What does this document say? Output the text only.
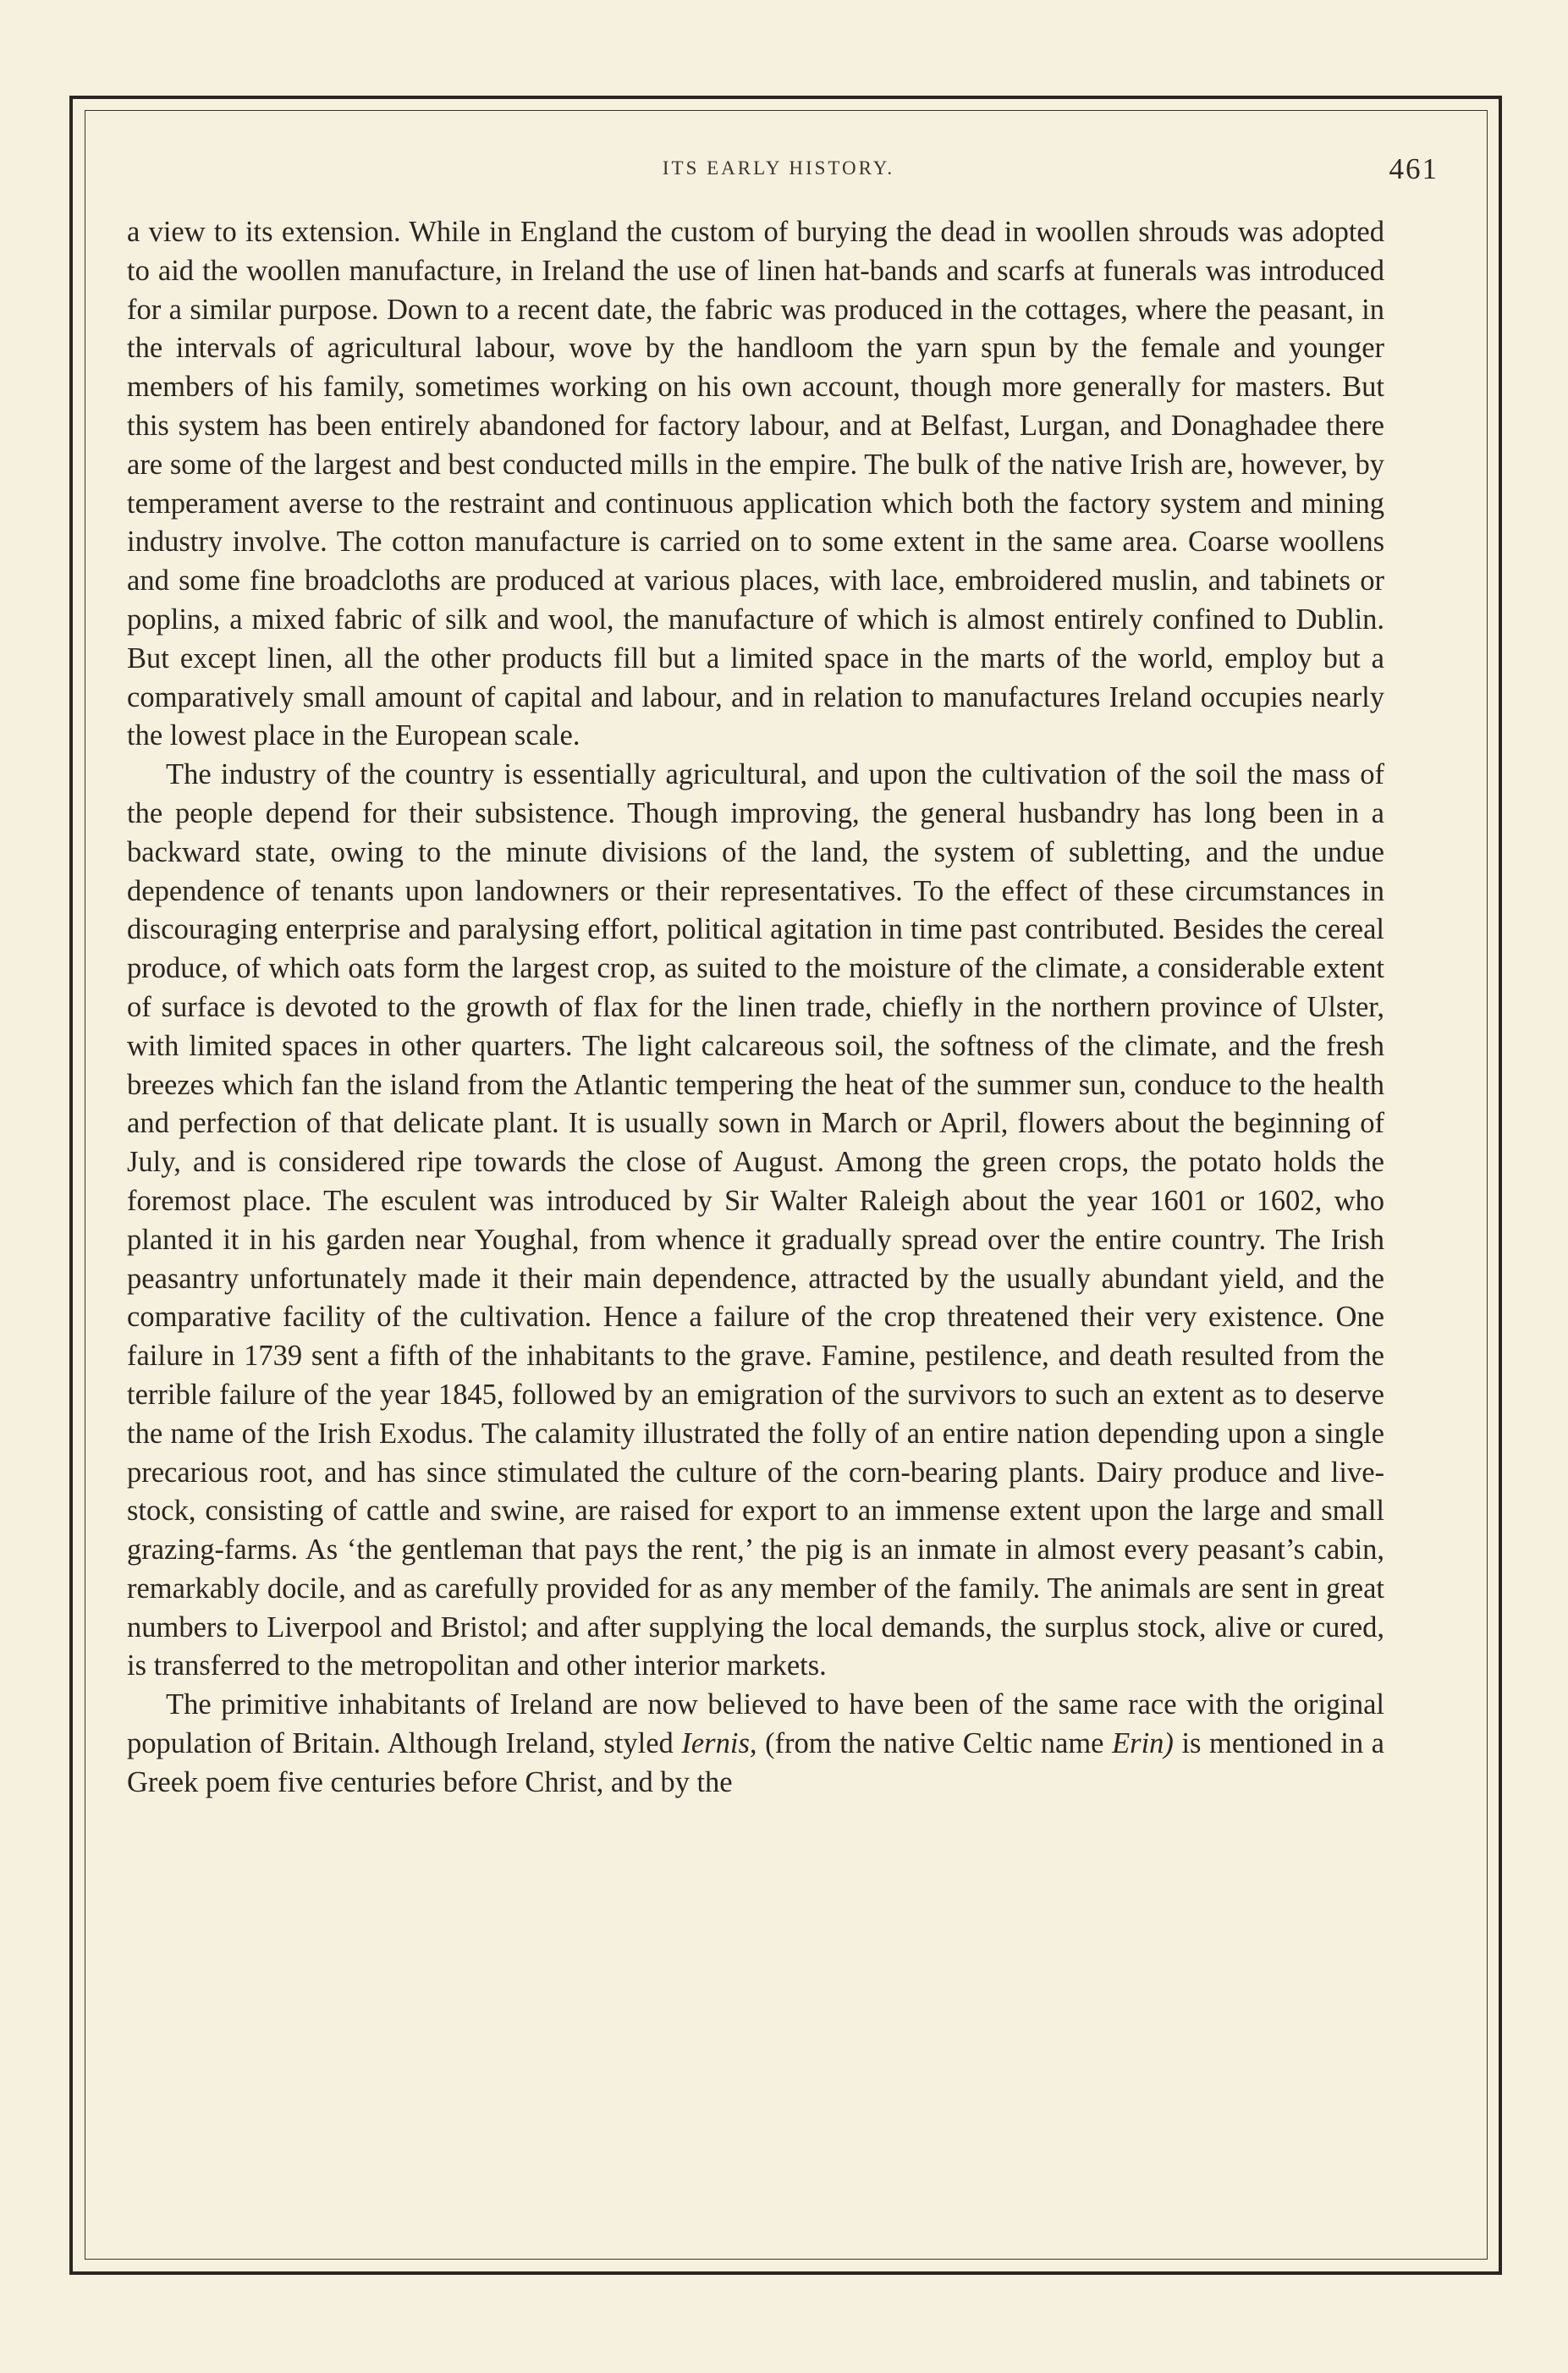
ITS EARLY HISTORY.	461

a view to its extension. While in England the custom of burying the dead in woollen shrouds was adopted to aid the woollen manufacture, in Ireland the use of linen hat-bands and scarfs at funerals was introduced for a similar purpose. Down to a recent date, the fabric was produced in the cottages, where the peasant, in the intervals of agricultural labour, wove by the handloom the yarn spun by the female and younger members of his family, sometimes working on his own account, though more generally for masters. But this system has been entirely abandoned for factory labour, and at Belfast, Lurgan, and Donaghadee there are some of the largest and best conducted mills in the empire. The bulk of the native Irish are, however, by temperament averse to the restraint and continuous application which both the factory system and mining industry involve. The cotton manufacture is carried on to some extent in the same area. Coarse woollens and some fine broadcloths are produced at various places, with lace, embroidered muslin, and tabinets or poplins, a mixed fabric of silk and wool, the manufacture of which is almost entirely confined to Dublin. But except linen, all the other products fill but a limited space in the marts of the world, employ but a comparatively small amount of capital and labour, and in relation to manufactures Ireland occupies nearly the lowest place in the European scale.

The industry of the country is essentially agricultural, and upon the cultivation of the soil the mass of the people depend for their subsistence. Though improving, the general husbandry has long been in a backward state, owing to the minute divisions of the land, the system of subletting, and the undue dependence of tenants upon landowners or their representatives. To the effect of these circumstances in discouraging enterprise and paralysing effort, political agitation in time past contributed. Besides the cereal produce, of which oats form the largest crop, as suited to the moisture of the climate, a considerable extent of surface is devoted to the growth of flax for the linen trade, chiefly in the northern province of Ulster, with limited spaces in other quarters. The light calcareous soil, the softness of the climate, and the fresh breezes which fan the island from the Atlantic tempering the heat of the summer sun, conduce to the health and perfection of that delicate plant. It is usually sown in March or April, flowers about the beginning of July, and is considered ripe towards the close of August. Among the green crops, the potato holds the foremost place. The esculent was introduced by Sir Walter Raleigh about the year 1601 or 1602, who planted it in his garden near Youghal, from whence it gradually spread over the entire country. The Irish peasantry unfortunately made it their main dependence, attracted by the usually abundant yield, and the comparative facility of the cultivation. Hence a failure of the crop threatened their very existence. One failure in 1739 sent a fifth of the inhabitants to the grave. Famine, pestilence, and death resulted from the terrible failure of the year 1845, followed by an emigration of the survivors to such an extent as to deserve the name of the Irish Exodus. The calamity illustrated the folly of an entire nation depending upon a single precarious root, and has since stimulated the culture of the corn-bearing plants. Dairy produce and live-stock, consisting of cattle and swine, are raised for export to an immense extent upon the large and small grazing-farms. As ‘the gentleman that pays the rent,’ the pig is an inmate in almost every peasant’s cabin, remarkably docile, and as carefully provided for as any member of the family. The animals are sent in great numbers to Liverpool and Bristol; and after supplying the local demands, the surplus stock, alive or cured, is transferred to the metropolitan and other interior markets.

The primitive inhabitants of Ireland are now believed to have been of the same race with the original population of Britain. Although Ireland, styled Iernis, (from the native Celtic name Erin) is mentioned in a Greek poem five centuries before Christ, and by the
